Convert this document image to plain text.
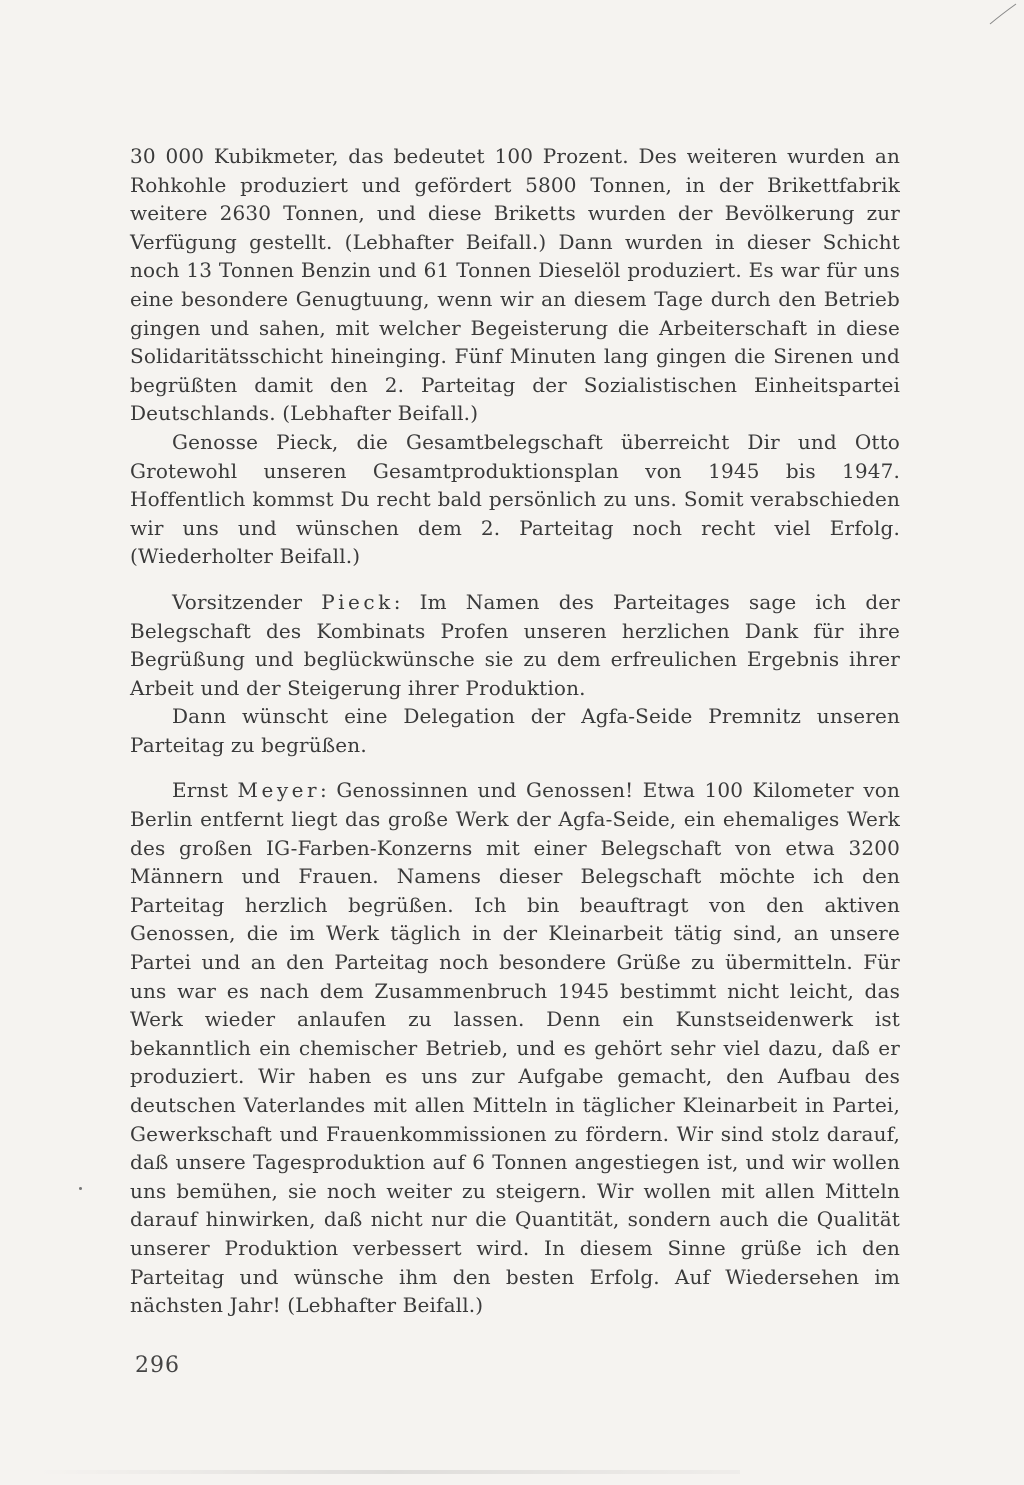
30 000 Kubikmeter, das bedeutet 100 Prozent. Des weiteren wurden an Rohkohle produziert und gefördert 5800 Tonnen, in der Brikettfabrik weitere 2630 Tonnen, und diese Briketts wurden der Bevölkerung zur Verfügung gestellt. (Lebhafter Beifall.) Dann wurden in dieser Schicht noch 13 Tonnen Benzin und 61 Tonnen Dieselöl produziert. Es war für uns eine besondere Genugtuung, wenn wir an diesem Tage durch den Betrieb gingen und sahen, mit welcher Begeisterung die Arbeiterschaft in diese Solidaritätsschicht hineinging. Fünf Minuten lang gingen die Sirenen und begrüßten damit den 2. Parteitag der Sozialistischen Einheitspartei Deutschlands. (Lebhafter Beifall.)

Genosse Pieck, die Gesamtbelegschaft überreicht Dir und Otto Grotewohl unseren Gesamtproduktionsplan von 1945 bis 1947. Hoffentlich kommst Du recht bald persönlich zu uns. Somit verabschieden wir uns und wünschen dem 2. Parteitag noch recht viel Erfolg. (Wiederholter Beifall.)

Vorsitzender Pieck: Im Namen des Parteitages sage ich der Belegschaft des Kombinats Profen unseren herzlichen Dank für ihre Begrüßung und beglückwünsche sie zu dem erfreulichen Ergebnis ihrer Arbeit und der Steigerung ihrer Produktion.

Dann wünscht eine Delegation der Agfa-Seide Premnitz unseren Parteitag zu begrüßen.

Ernst Meyer: Genossinnen und Genossen! Etwa 100 Kilometer von Berlin entfernt liegt das große Werk der Agfa-Seide, ein ehemaliges Werk des großen IG-Farben-Konzerns mit einer Belegschaft von etwa 3200 Männern und Frauen. Namens dieser Belegschaft möchte ich den Parteitag herzlich begrüßen. Ich bin beauftragt von den aktiven Genossen, die im Werk täglich in der Kleinarbeit tätig sind, an unsere Partei und an den Parteitag noch besondere Grüße zu übermitteln. Für uns war es nach dem Zusammenbruch 1945 bestimmt nicht leicht, das Werk wieder anlaufen zu lassen. Denn ein Kunstseidenwerk ist bekanntlich ein chemischer Betrieb, und es gehört sehr viel dazu, daß er produziert. Wir haben es uns zur Aufgabe gemacht, den Aufbau des deutschen Vaterlandes mit allen Mitteln in täglicher Kleinarbeit in Partei, Gewerkschaft und Frauenkommissionen zu fördern. Wir sind stolz darauf, daß unsere Tagesproduktion auf 6 Tonnen angestiegen ist, und wir wollen uns bemühen, sie noch weiter zu steigern. Wir wollen mit allen Mitteln darauf hinwirken, daß nicht nur die Quantität, sondern auch die Qualität unserer Produktion verbessert wird. In diesem Sinne grüße ich den Parteitag und wünsche ihm den besten Erfolg. Auf Wiedersehen im nächsten Jahr! (Lebhafter Beifall.)

296
